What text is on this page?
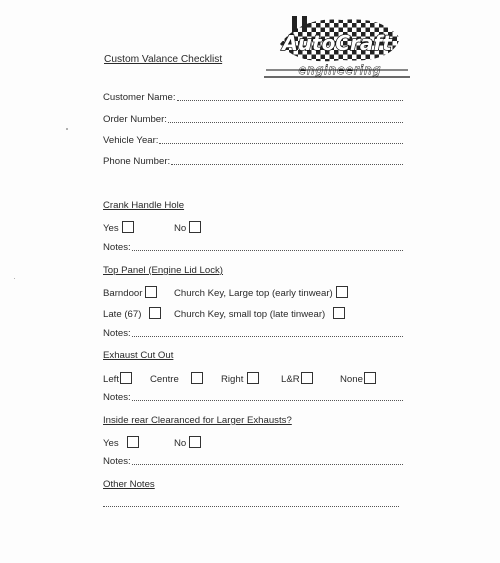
Custom Valance Checklist
AutoCraft
engineering
Customer Name:
Order Number:
Vehicle Year:
Phone Number:
Crank Handle Hole
Yes	No
Notes:
Top Panel (Engine Lid Lock)
Barndoor	Church Key, Large top (early tinwear)
Late (67)	Church Key, small top (late tinwear)
Notes:
Exhaust Cut Out
Left	Centre	Right	L&R	None
Notes:
Inside rear Clearanced for Larger Exhausts?
Yes	No
Notes:
Other Notes
